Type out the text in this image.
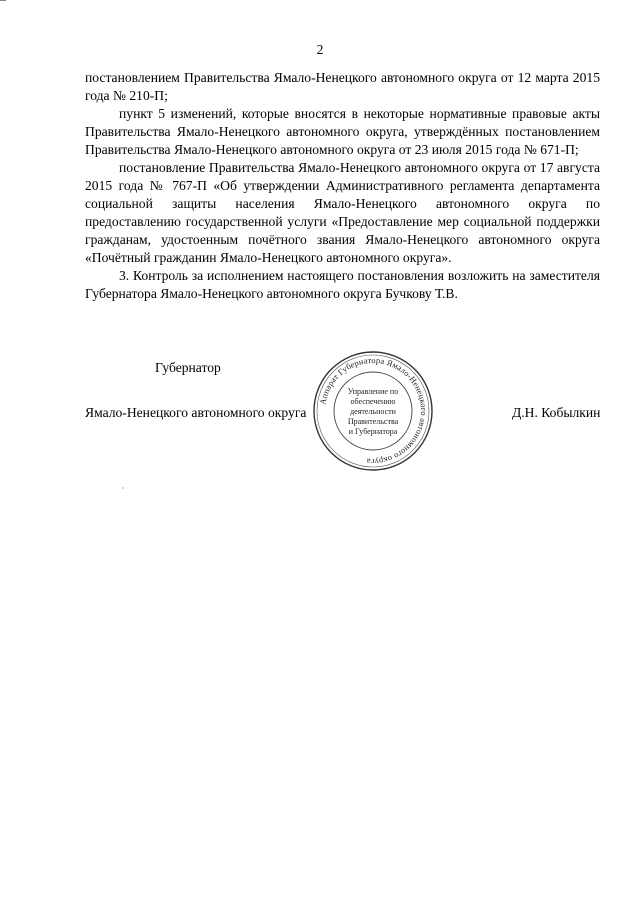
2

постановлением Правительства Ямало-Ненецкого автономного округа от 12 марта 2015 года № 210-П;

пункт 5 изменений, которые вносятся в некоторые нормативные правовые акты Правительства Ямало-Ненецкого автономного округа, утверждённых постановлением Правительства Ямало-Ненецкого автономного округа от 23 июля 2015 года № 671-П;

постановление Правительства Ямало-Ненецкого автономного округа от 17 августа 2015 года № 767-П «Об утверждении Административного регламента департамента социальной защиты населения Ямало-Ненецкого автономного округа по предоставлению государственной услуги «Предоставление мер социальной поддержки гражданам, удостоенным почётного звания Ямало-Ненецкого автономного округа «Почётный гражданин Ямало-Ненецкого автономного округа».

3. Контроль за исполнением настоящего постановления возложить на заместителя Губернатора Ямало-Ненецкого автономного округа Бучкову Т.В.

Губернатор
Ямало-Ненецкого автономного округа	Д.Н. Кобылкин
Аппарат Губернатора Ямало-Ненецкого автономного округа
Управление по
обеспечению
деятельности
Правительства
и Губернатора
